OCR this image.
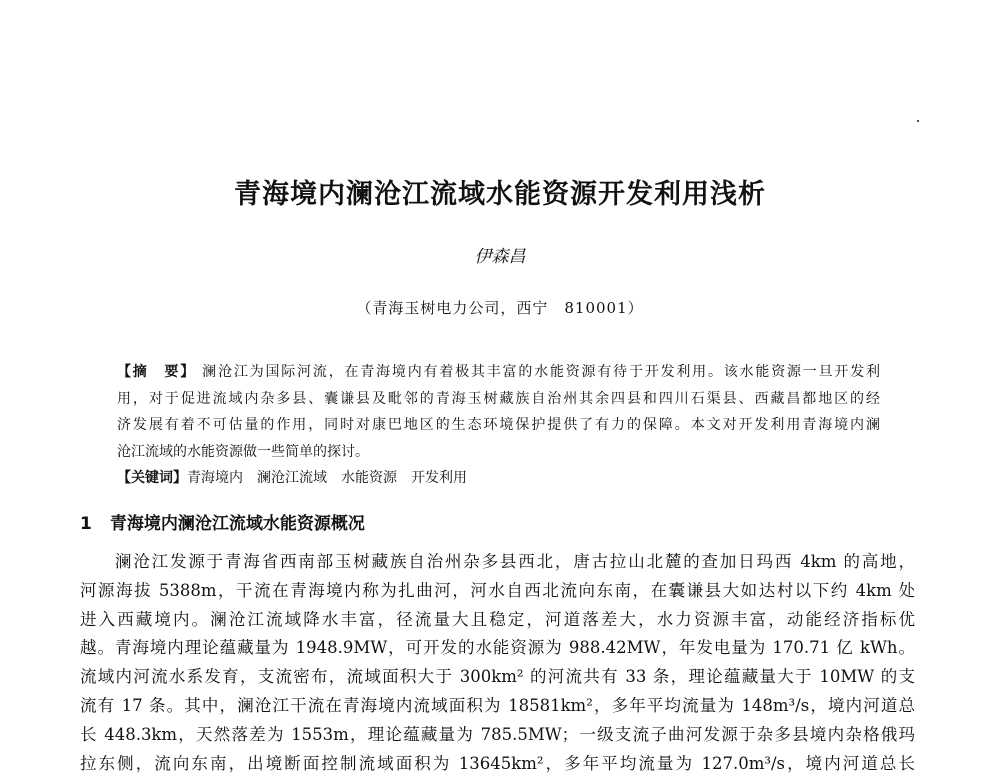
青海境内澜沧江流域水能资源开发利用浅析
伊森昌
（青海玉树电力公司，西宁　810001）
【摘　要】 澜沧江为国际河流，在青海境内有着极其丰富的水能资源有待于开发利用。该水能资源一旦开发利
用，对于促进流域内杂多县、囊谦县及毗邻的青海玉树藏族自治州其余四县和四川石渠县、西藏昌都地区的经
济发展有着不可估量的作用，同时对康巴地区的生态环境保护提供了有力的保障。本文对开发利用青海境内澜
沧江流域的水能资源做一些简单的探讨。
【关键词】青海境内　 澜沧江流域　 水能资源　 开发利用
1 青海境内澜沧江流域水能资源概况
澜沧江发源于青海省西南部玉树藏族自治州杂多县西北，唐古拉山北麓的查加日玛西 4km 的高地，
河源海拔 5388m，干流在青海境内称为扎曲河，河水自西北流向东南，在囊谦县大如达村以下约 4km 处
进入西藏境内。澜沧江流域降水丰富，径流量大且稳定，河道落差大，水力资源丰富，动能经济指标优
越。青海境内理论蕴藏量为 1948.9MW，可开发的水能资源为 988.42MW，年发电量为 170.71 亿 kWh。
流域内河流水系发育，支流密布，流域面积大于 300km² 的河流共有 33 条，理论蕴藏量大于 10MW 的支
流有 17 条。其中，澜沧江干流在青海境内流域面积为 18581km²，多年平均流量为 148m³/s，境内河道总
长 448.3km，天然落差为 1553m，理论蕴藏量为 785.5MW；一级支流子曲河发源于杂多县境内杂格俄玛
拉东侧，流向东南，出境断面控制流域面积为 13645km²，多年平均流量为 127.0m³/s，境内河道总长
